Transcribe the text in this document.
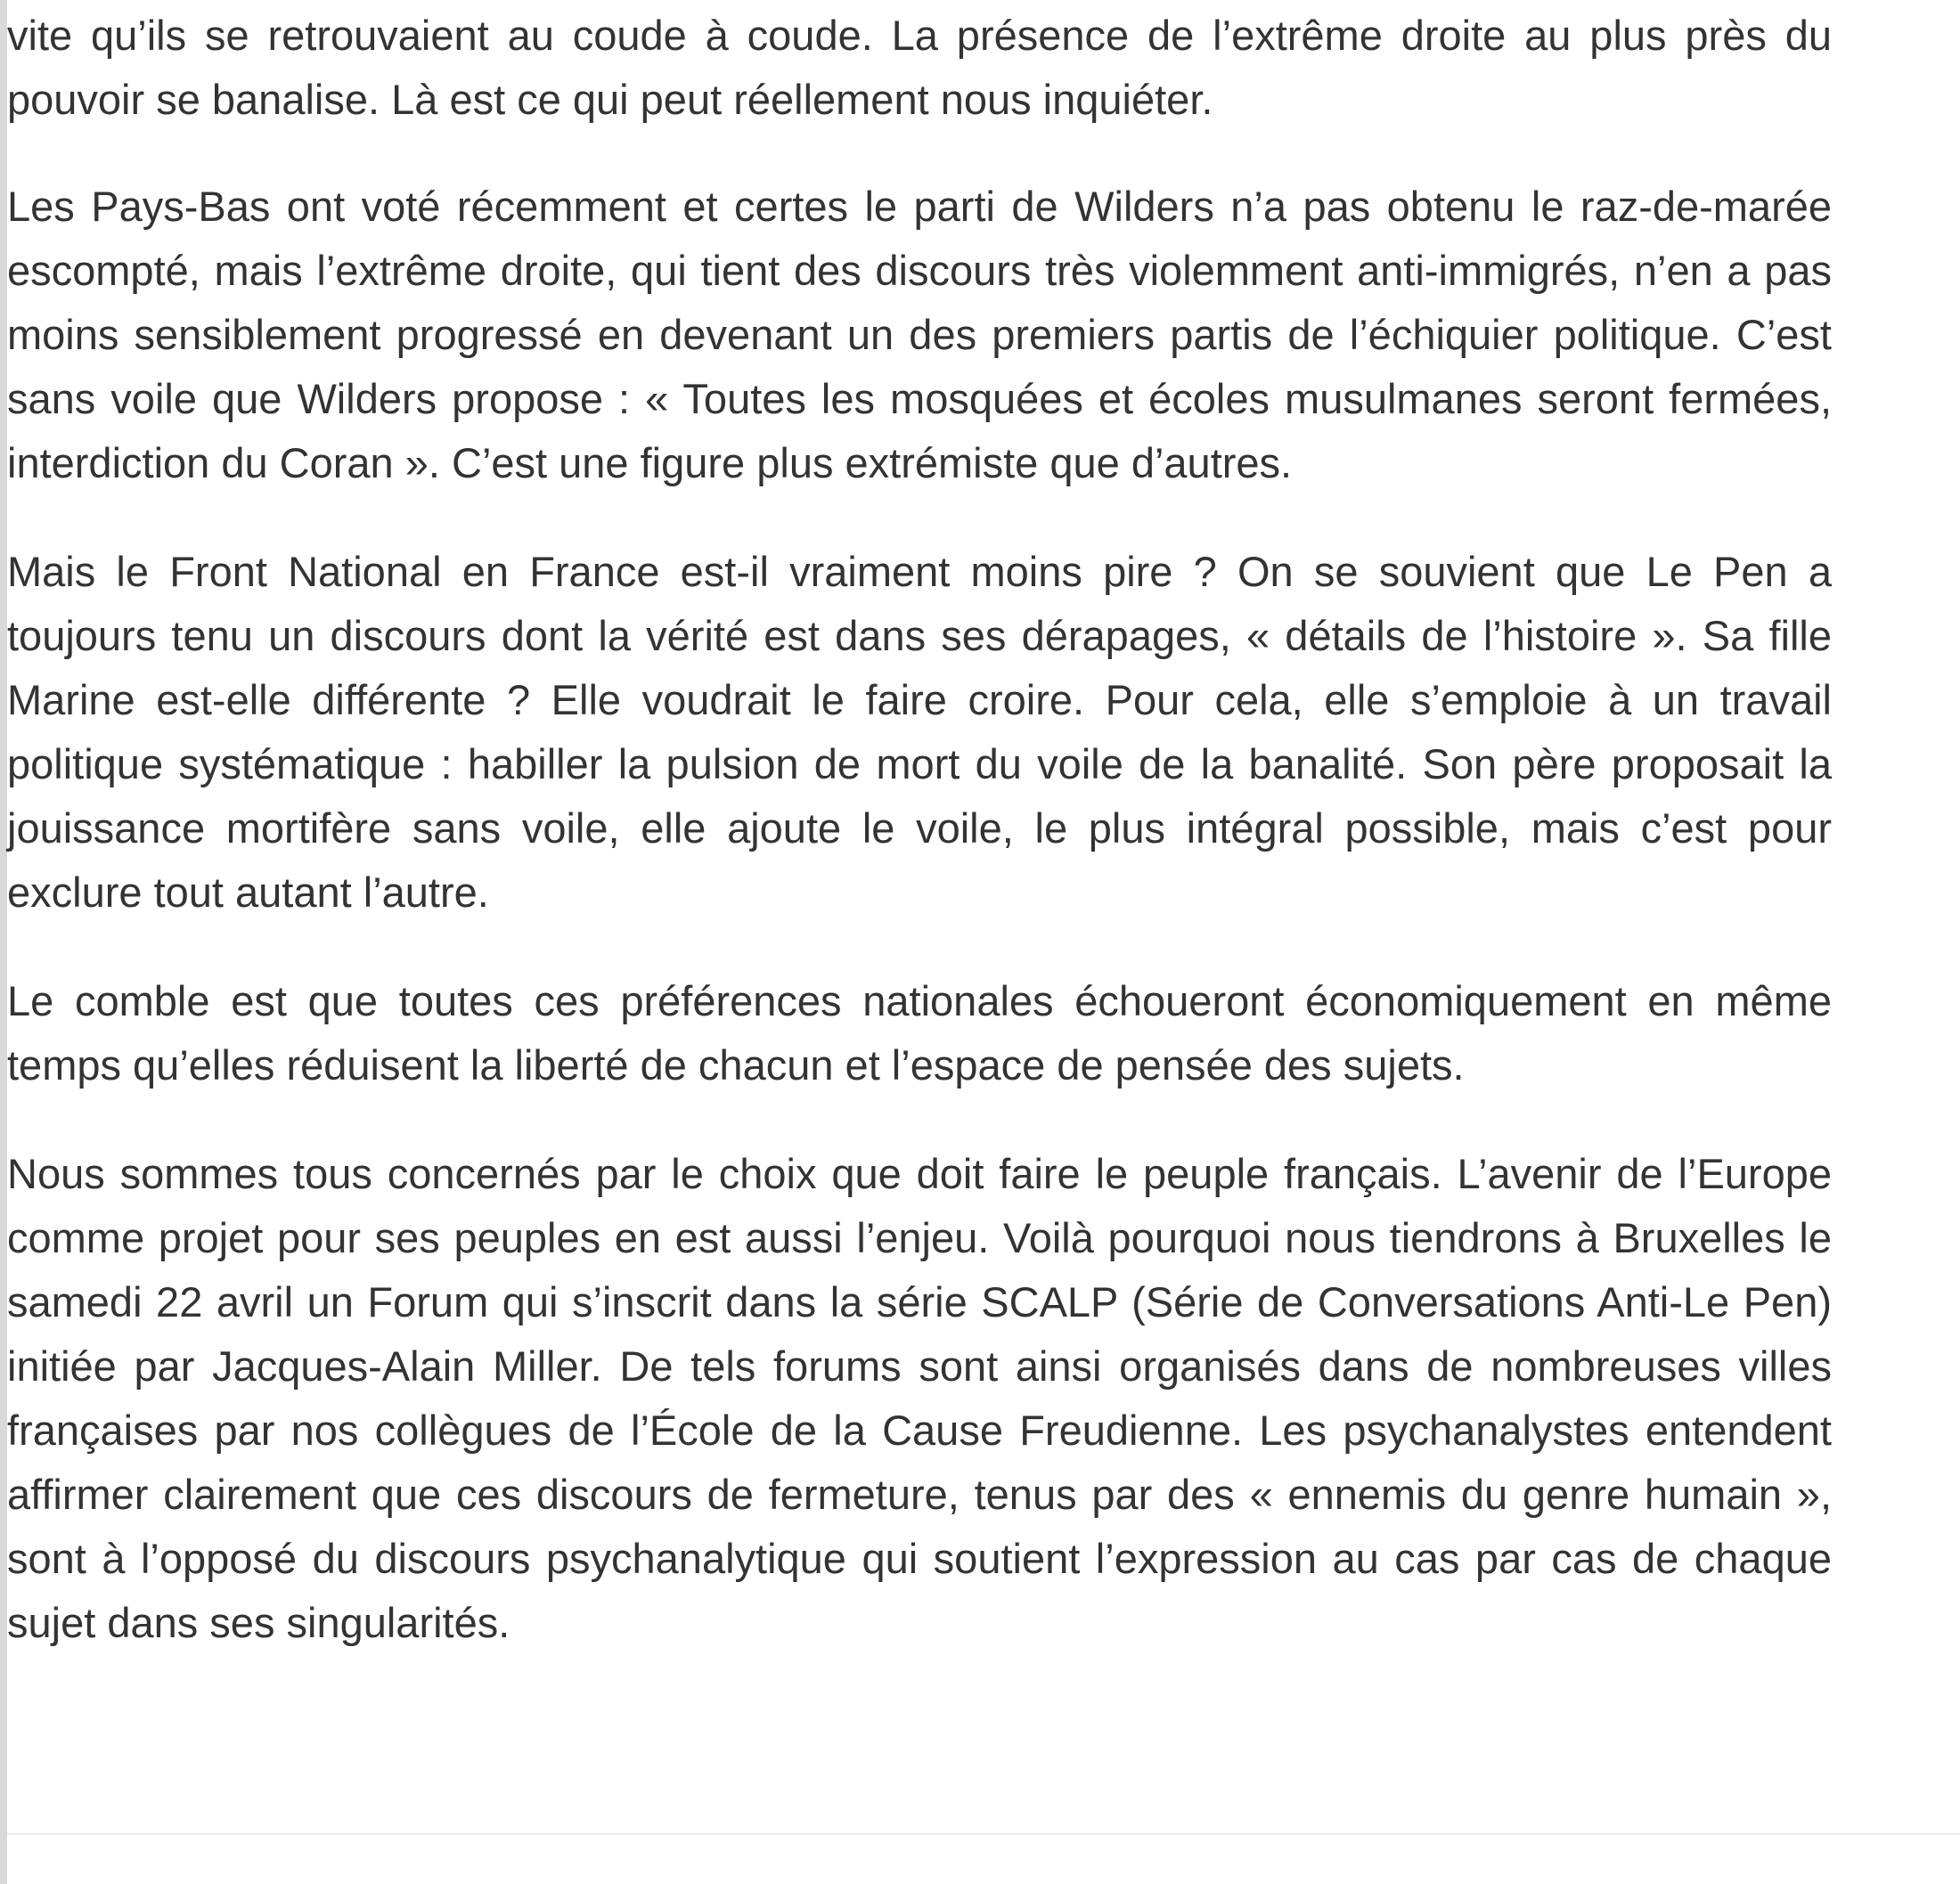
vite qu’ils se retrouvaient au coude à coude. La présence de l’extrême droite au plus près du pouvoir se banalise. Là est ce qui peut réellement nous inquiéter.

Les Pays-Bas ont voté récemment et certes le parti de Wilders n’a pas obtenu le raz-de-marée escompté, mais l’extrême droite, qui tient des discours très violemment anti-immigrés, n’en a pas moins sensiblement progressé en devenant un des premiers partis de l’échiquier politique. C’est sans voile que Wilders propose : « Toutes les mosquées et écoles musulmanes seront fermées, interdiction du Coran ». C’est une figure plus extrémiste que d’autres.

Mais le Front National en France est-il vraiment moins pire ? On se souvient que Le Pen a toujours tenu un discours dont la vérité est dans ses dérapages, « détails de l’histoire ». Sa fille Marine est-elle différente ? Elle voudrait le faire croire. Pour cela, elle s’emploie à un travail politique systématique : habiller la pulsion de mort du voile de la banalité. Son père proposait la jouissance mortifère sans voile, elle ajoute le voile, le plus intégral possible, mais c’est pour exclure tout autant l’autre.

Le comble est que toutes ces préférences nationales échoueront économiquement en même temps qu’elles réduisent la liberté de chacun et l’espace de pensée des sujets.

Nous sommes tous concernés par le choix que doit faire le peuple français. L’avenir de l’Europe comme projet pour ses peuples en est aussi l’enjeu. Voilà pourquoi nous tiendrons à Bruxelles le samedi 22 avril un Forum qui s’inscrit dans la série SCALP (Série de Conversations Anti-Le Pen) initiée par Jacques-Alain Miller. De tels forums sont ainsi organisés dans de nombreuses villes françaises par nos collègues de l’École de la Cause Freudienne. Les psychanalystes entendent affirmer clairement que ces discours de fermeture, tenus par des « ennemis du genre humain », sont à l’opposé du discours psychanalytique qui soutient l’expression au cas par cas de chaque sujet dans ses singularités.
